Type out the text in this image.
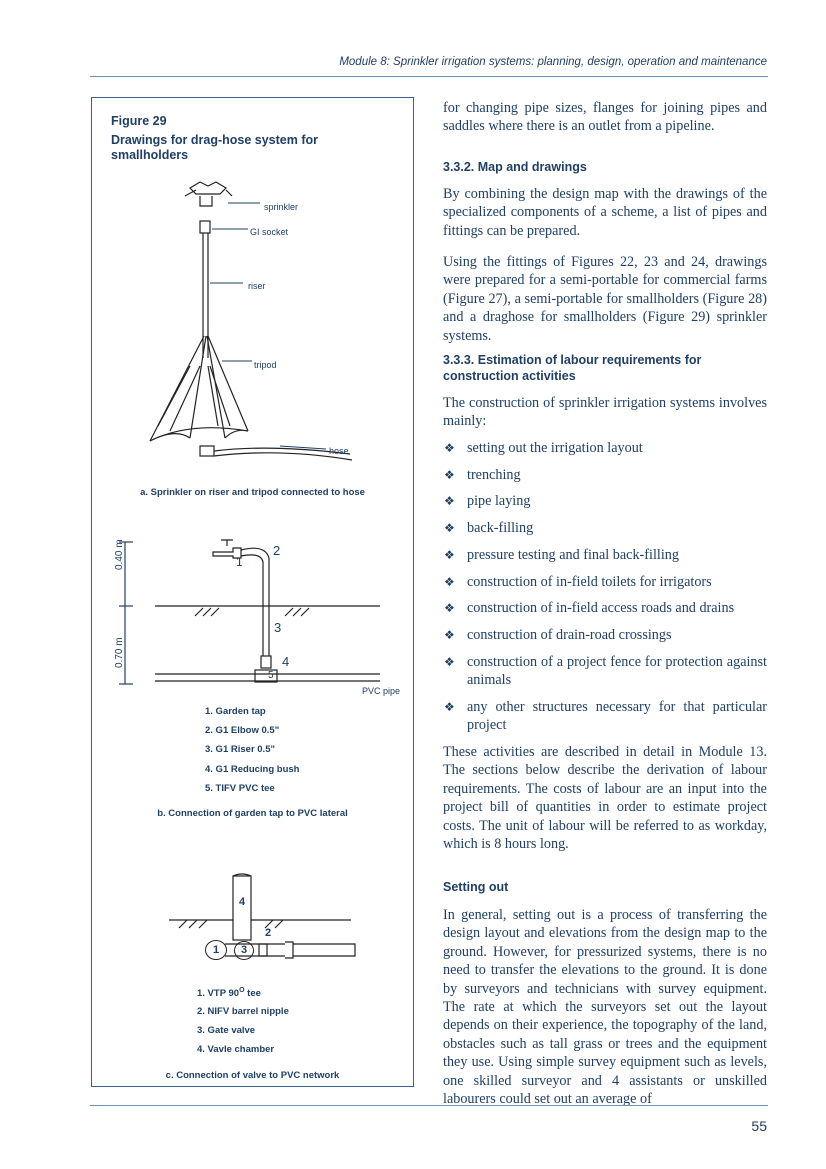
Module 8: Sprinkler irrigation systems: planning, design, operation and maintenance
Figure 29
Drawings for drag-hose system for smallholders
sprinkler
GI socket
riser
tripod
hose
a. Sprinkler on riser and tripod connected to hose
0.40 m
0.70 m
1
2
3
4
5
PVC pipe
1. Garden tap
2. G1 Elbow 0.5"
3. G1 Riser 0.5"
4. G1 Reducing bush
5. TIFV PVC tee
b. Connection of garden tap to PVC lateral
4
2
1	3
1. VTP $90^O$ tee
2. NIFV barrel nipple
3. Gate valve
4. Vavle chamber
c. Connection of valve to PVC network
for changing pipe sizes, flanges for joining pipes and saddles where there is an outlet from a pipeline.
3.3.2. Map and drawings
By combining the design map with the drawings of the specialized components of a scheme, a list of pipes and fittings can be prepared.
Using the fittings of Figures 22, 23 and 24, drawings were prepared for a semi-portable for commercial farms (Figure 27), a semi-portable for smallholders (Figure 28) and a draghose for smallholders (Figure 29) sprinkler systems.
3.3.3. Estimation of labour requirements for construction activities
The construction of sprinkler irrigation systems involves mainly:
❖ setting out the irrigation layout
❖ trenching
❖ pipe laying
❖ back-filling
❖ pressure testing and final back-filling
❖ construction of in-field toilets for irrigators
❖ construction of in-field access roads and drains
❖ construction of drain-road crossings
❖ construction of a project fence for protection against animals
❖ any other structures necessary for that particular project
These activities are described in detail in Module 13. The sections below describe the derivation of labour requirements. The costs of labour are an input into the project bill of quantities in order to estimate project costs. The unit of labour will be referred to as workday, which is 8 hours long.
Setting out
In general, setting out is a process of transferring the design layout and elevations from the design map to the ground. However, for pressurized systems, there is no need to transfer the elevations to the ground. It is done by surveyors and technicians with survey equipment. The rate at which the surveyors set out the layout depends on their experience, the topography of the land, obstacles such as tall grass or trees and the equipment they use. Using simple survey equipment such as levels, one skilled surveyor and 4 assistants or unskilled labourers could set out an average of
55
